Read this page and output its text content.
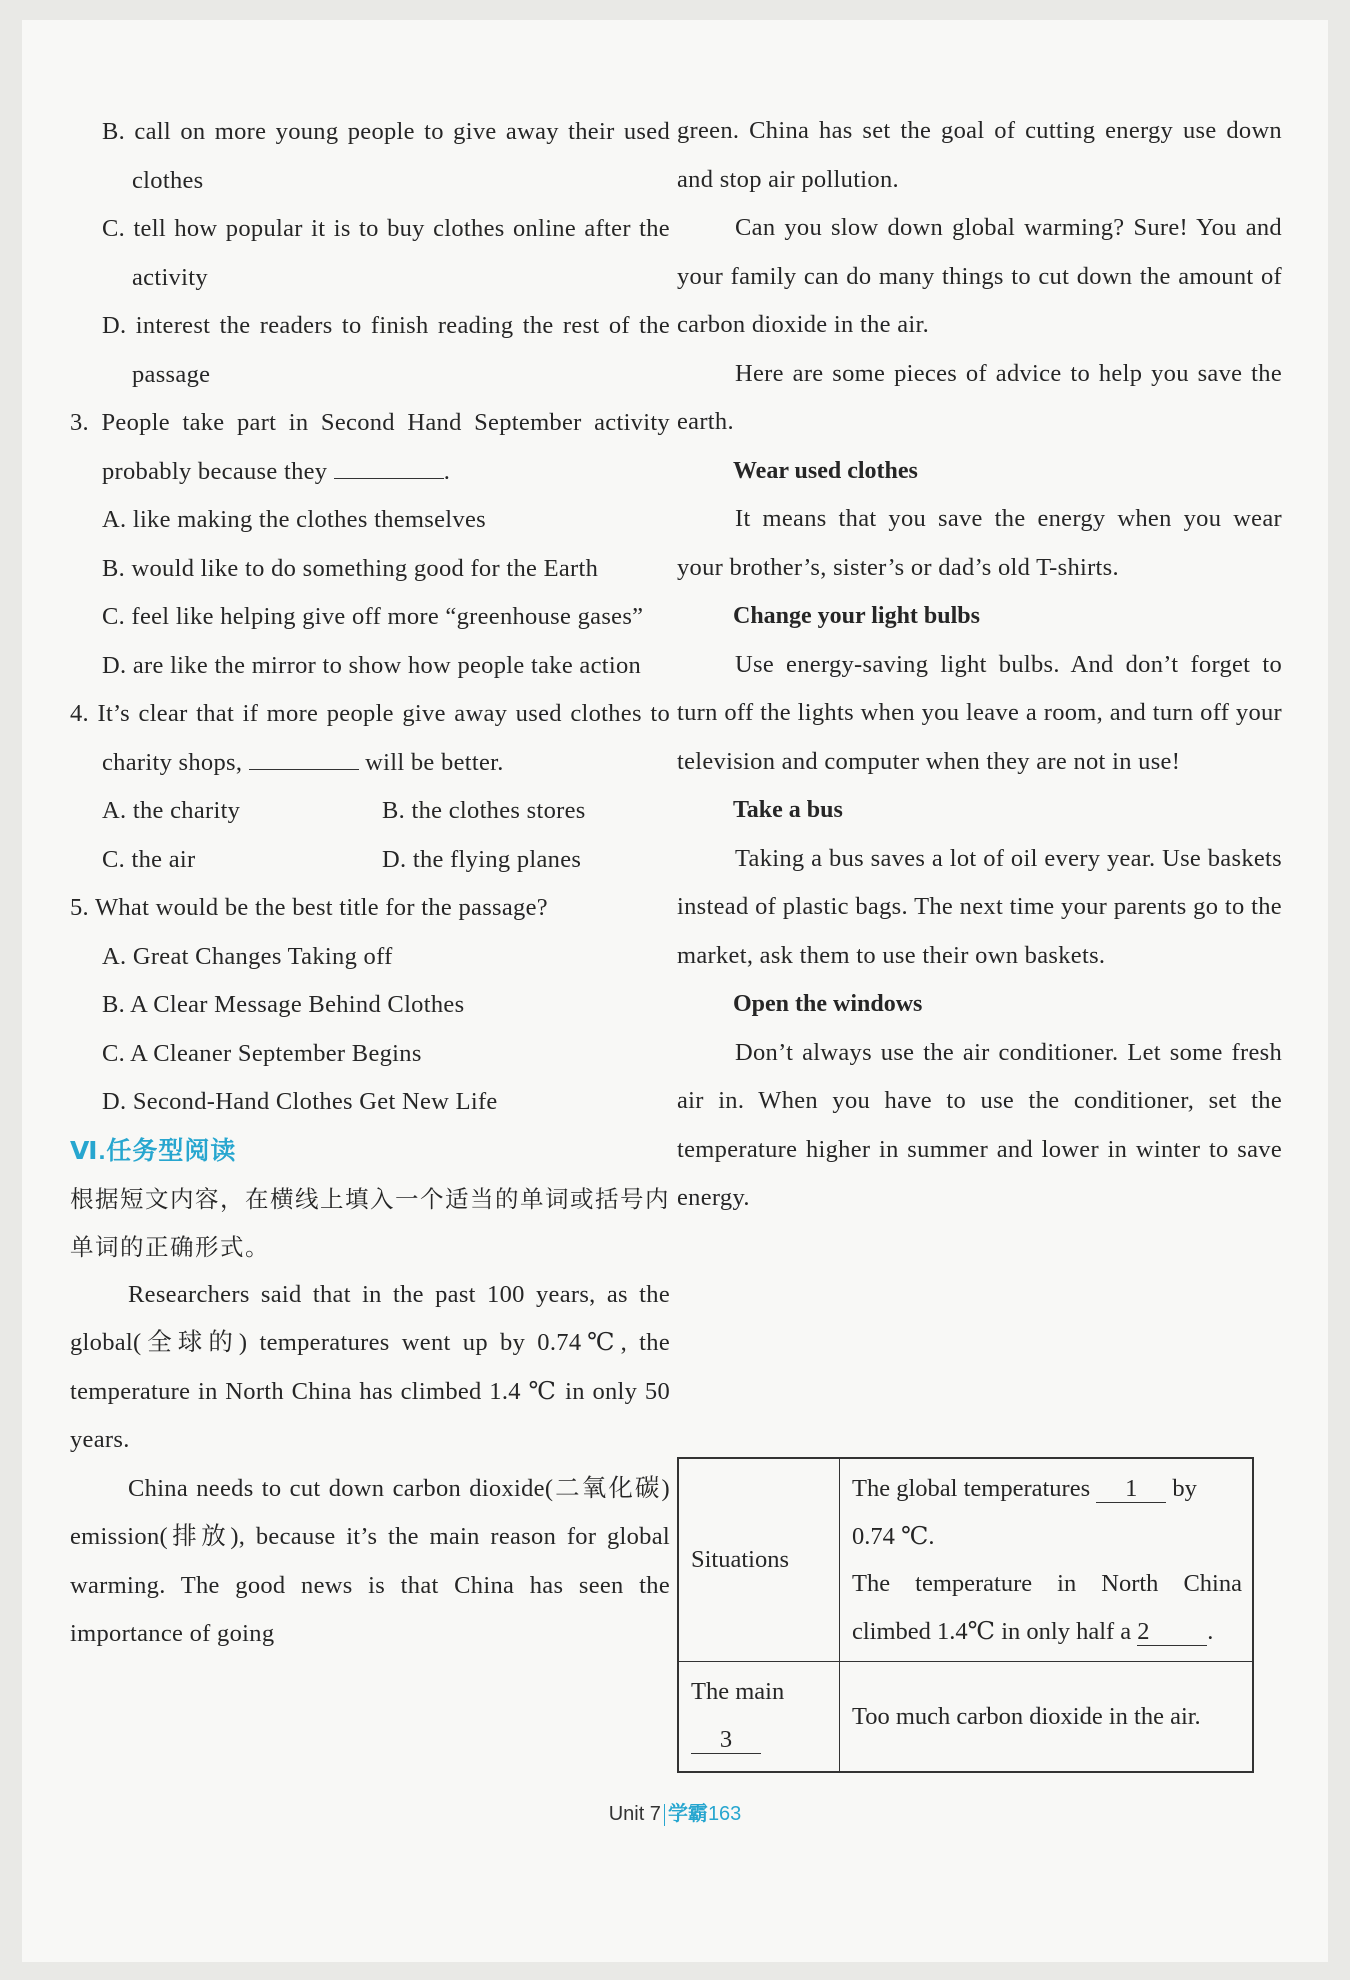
B. call on more young people to give away their used clothes
C. tell how popular it is to buy clothes online after the activity
D. interest the readers to finish reading the rest of the passage
3. People take part in Second Hand September activity probably because they	.
A. like making the clothes themselves
B. would like to do something good for the Earth
C. feel like helping give off more “greenhouse gases”
D. are like the mirror to show how people take action
4. It’s clear that if more people give away used clothes to charity shops,	will be better.
A. the charity	B. the clothes stores
C. the air	D. the flying planes
5. What would be the best title for the passage?
A. Great Changes Taking off
B. A Clear Message Behind Clothes
C. A Cleaner September Begins
D. Second-Hand Clothes Get New Life
Ⅵ.任务型阅读
根据短文内容，在横线上填入一个适当的单词或括号内单词的正确形式。
Researchers said that in the past 100 years, as the global(全球的) temperatures went up by 0.74℃, the temperature in North China has climbed 1.4 ℃ in only 50 years.
China needs to cut down carbon dioxide(二氧化碳) emission(排放), because it’s the main reason for global warming. The good news is that China has seen the importance of going
green. China has set the goal of cutting energy use down and stop air pollution.
Can you slow down global warming? Sure! You and your family can do many things to cut down the amount of carbon dioxide in the air.
Here are some pieces of advice to help you save the earth.
Wear used clothes
It means that you save the energy when you wear your brother’s, sister’s or dad’s old T-shirts.
Change your light bulbs
Use energy-saving light bulbs. And don’t forget to turn off the lights when you leave a room, and turn off your television and computer when they are not in use!
Take a bus
Taking a bus saves a lot of oil every year. Use baskets instead of plastic bags. The next time your parents go to the market, ask them to use their own baskets.
Open the windows
Don’t always use the air conditioner. Let some fresh air in. When you have to use the conditioner, set the temperature higher in summer and lower in winter to save energy.
Situations	The global temperatures 1 by 0.74 ℃.
The temperature in North China climbed 1.4℃ in only half a 2 .

The main
3	Too much carbon dioxide in the air.
Unit 7 学霸163
